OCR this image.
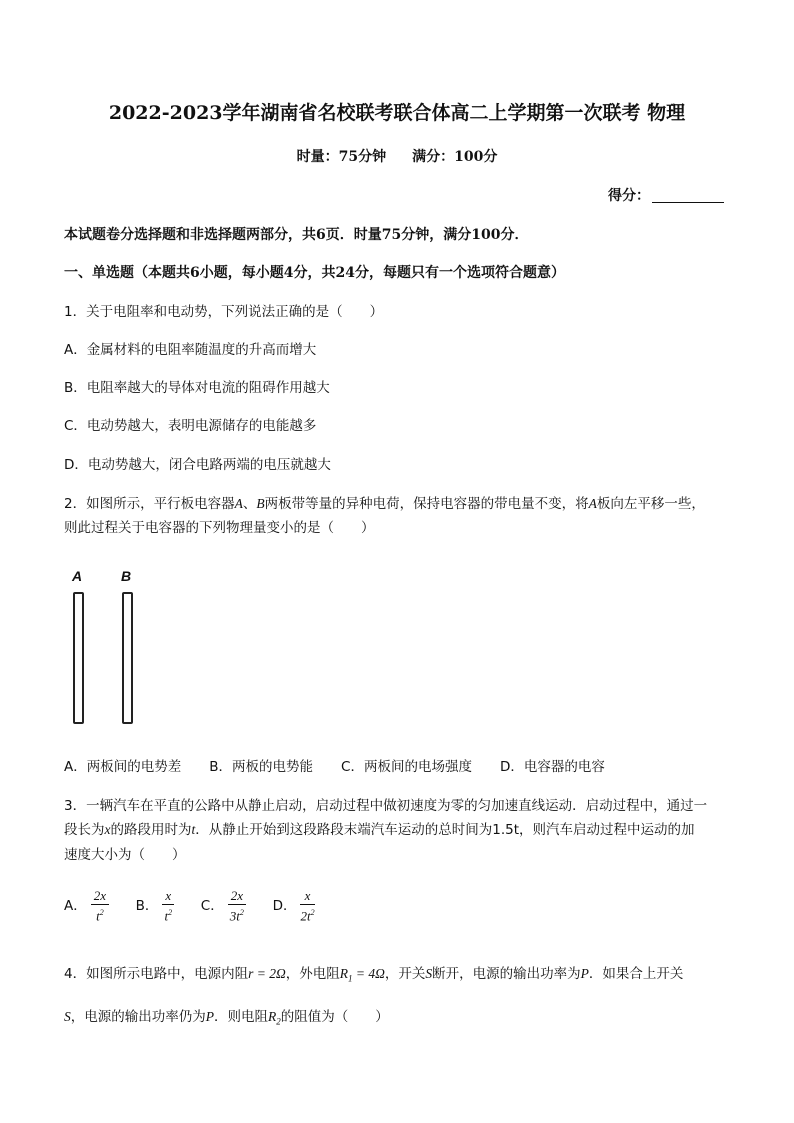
2022-2023学年湖南省名校联考联合体高二上学期第一次联考 物理
时量：75分钟 满分：100分
得分：
本试题卷分选择题和非选择题两部分，共6页．时量75分钟，满分100分．
一、单选题（本题共6小题，每小题4分，共24分，每题只有一个选项符合题意）
1．关于电阻率和电动势，下列说法正确的是（　　）
A．金属材料的电阻率随温度的升高而增大
B．电阻率越大的导体对电流的阻碍作用越大
C．电动势越大，表明电源储存的电能越多
D．电动势越大，闭合电路两端的电压就越大
2．如图所示，平行板电容器A、B两板带等量的异种电荷，保持电容器的带电量不变，将A板向左平移一些，
则此过程关于电容器的下列物理量变小的是（　　）
A	B
A．两板间的电势差 B．两板的电势能 C．两板间的电场强度 D．电容器的电容
3．一辆汽车在平直的公路中从静止启动，启动过程中做初速度为零的匀加速直线运动．启动过程中，通过一
段长为x的路段用时为t．从静止开始到这段路段末端汽车运动的总时间为1.5t，则汽车启动过程中运动的加
速度大小为（　　）
A． $\frac{2x}{t^2}$ B． $\frac{x}{t^2}$ C． $\frac{2x}{3t^2}$ D． $\frac{x}{2t^2}$
4．如图所示电路中，电源内阻r = 2Ω，外电阻$R_1 = 4\Omega$，开关S断开，电源的输出功率为P．如果合上开关
S，电源的输出功率仍为P．则电阻$R_2$的阻值为（　　）
